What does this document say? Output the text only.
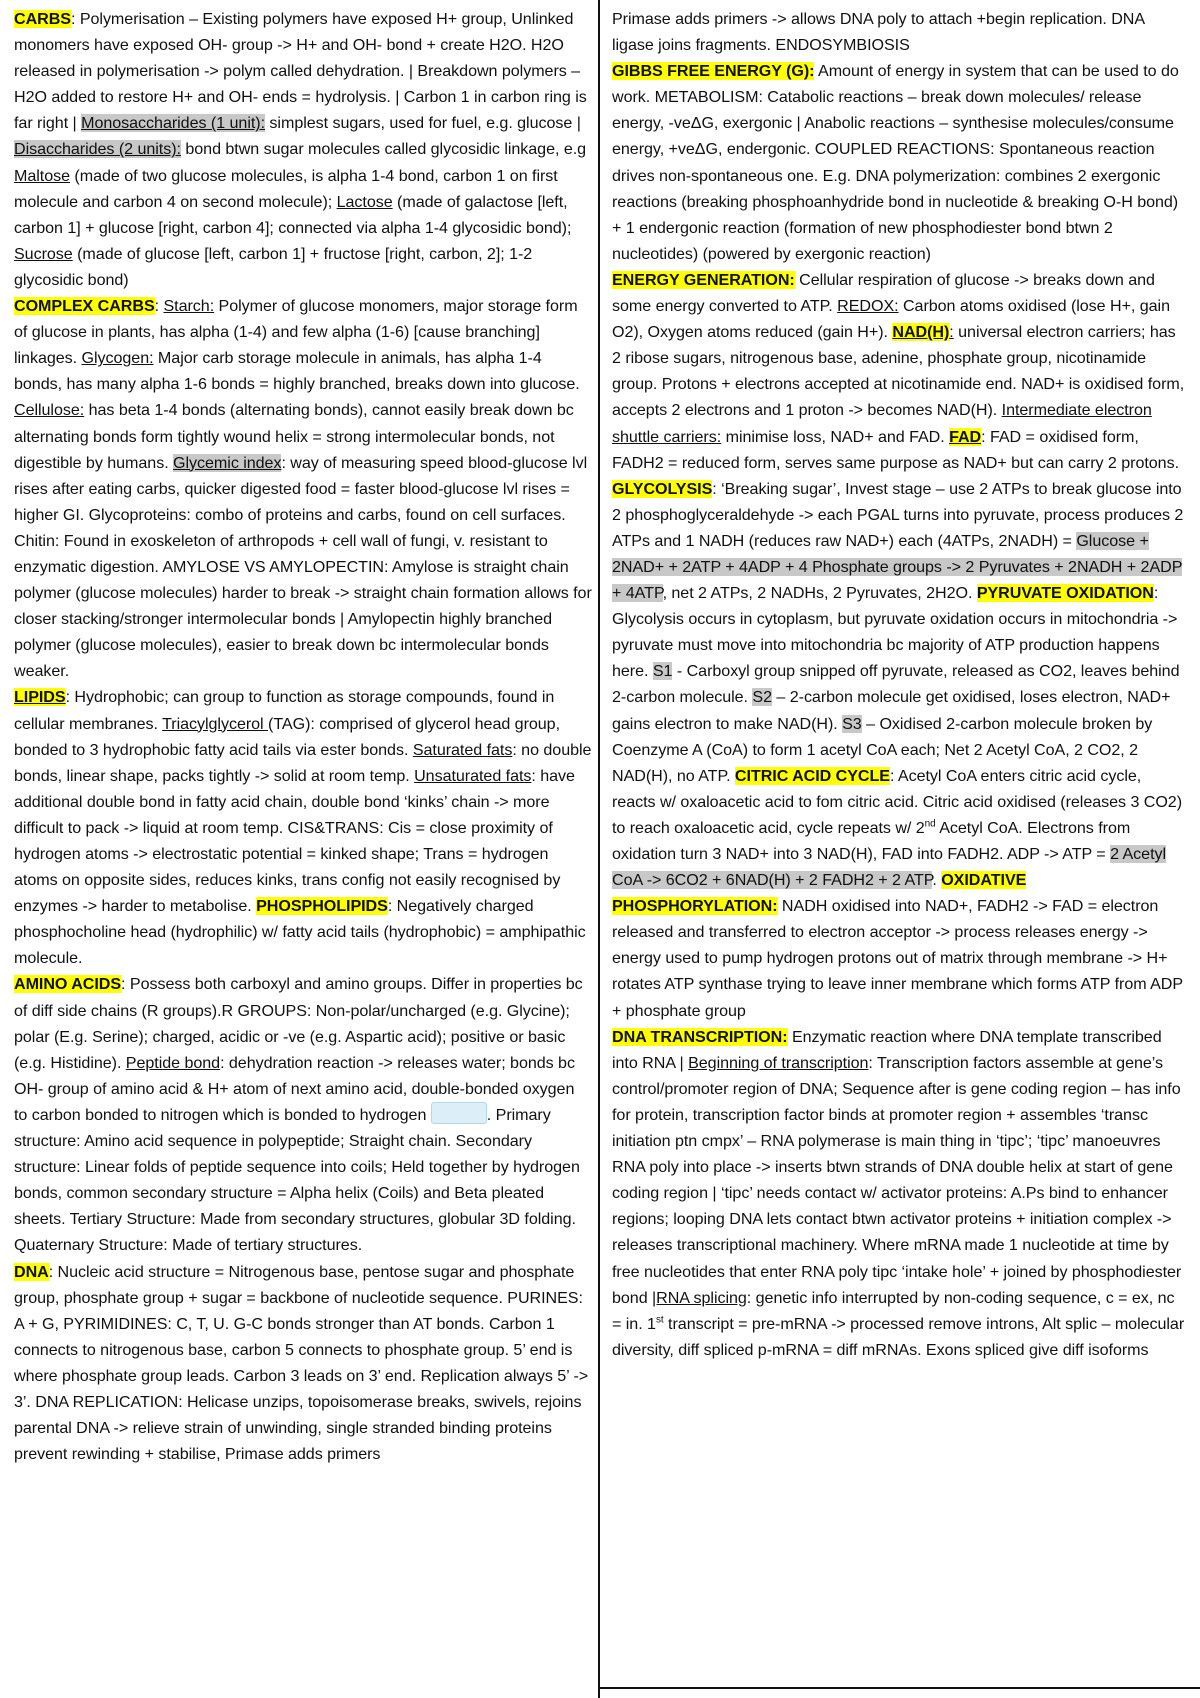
CARBS: Polymerisation – Existing polymers have exposed H+ group, Unlinked monomers have exposed OH- group -> H+ and OH- bond + create H2O. H2O released in polymerisation -> polym called dehydration. | Breakdown polymers – H2O added to restore H+ and OH- ends = hydrolysis. | Carbon 1 in carbon ring is far right | Monosaccharides (1 unit): simplest sugars, used for fuel, e.g. glucose | Disaccharides (2 units): bond btwn sugar molecules called glycosidic linkage, e.g Maltose (made of two glucose molecules, is alpha 1-4 bond, carbon 1 on first molecule and carbon 4 on second molecule); Lactose (made of galactose [left, carbon 1] + glucose [right, carbon 4]; connected via alpha 1-4 glycosidic bond); Sucrose (made of glucose [left, carbon 1] + fructose [right, carbon, 2]; 1-2 glycosidic bond)
COMPLEX CARBS: Starch: Polymer of glucose monomers, major storage form of glucose in plants, has alpha (1-4) and few alpha (1-6) [cause branching] linkages. Glycogen: Major carb storage molecule in animals, has alpha 1-4 bonds, has many alpha 1-6 bonds = highly branched, breaks down into glucose. Cellulose: has beta 1-4 bonds (alternating bonds), cannot easily break down bc alternating bonds form tightly wound helix = strong intermolecular bonds, not digestible by humans. Glycemic index: way of measuring speed blood-glucose lvl rises after eating carbs, quicker digested food = faster blood-glucose lvl rises = higher GI. Glycoproteins: combo of proteins and carbs, found on cell surfaces. Chitin: Found in exoskeleton of arthropods + cell wall of fungi, v. resistant to enzymatic digestion. AMYLOSE VS AMYLOPECTIN: Amylose is straight chain polymer (glucose molecules) harder to break -> straight chain formation allows for closer stacking/stronger intermolecular bonds | Amylopectin highly branched polymer (glucose molecules), easier to break down bc intermolecular bonds weaker.
LIPIDS: Hydrophobic; can group to function as storage compounds, found in cellular membranes. Triacylglycerol (TAG): comprised of glycerol head group, bonded to 3 hydrophobic fatty acid tails via ester bonds. Saturated fats: no double bonds, linear shape, packs tightly -> solid at room temp. Unsaturated fats: have additional double bond in fatty acid chain, double bond ‘kinks’ chain -> more difficult to pack -> liquid at room temp. CIS&TRANS: Cis = close proximity of hydrogen atoms -> electrostatic potential = kinked shape; Trans = hydrogen atoms on opposite sides, reduces kinks, trans config not easily recognised by enzymes -> harder to metabolise. PHOSPHOLIPIDS: Negatively charged phosphocholine head (hydrophilic) w/ fatty acid tails (hydrophobic) = amphipathic molecule.
AMINO ACIDS: Possess both carboxyl and amino groups. Differ in properties bc of diff side chains (R groups).R GROUPS: Non-polar/uncharged (e.g. Glycine); polar (E.g. Serine); charged, acidic or -ve (e.g. Aspartic acid); positive or basic (e.g. Histidine). Peptide bond: dehydration reaction -> releases water; bonds bc OH- group of amino acid & H+ atom of next amino acid, double-bonded oxygen to carbon bonded to nitrogen which is bonded to hydrogen	. Primary structure: Amino acid sequence in polypeptide; Straight chain. Secondary structure: Linear folds of peptide sequence into coils; Held together by hydrogen bonds, common secondary structure = Alpha helix (Coils) and Beta pleated sheets. Tertiary Structure: Made from secondary structures, globular 3D folding. Quaternary Structure: Made of tertiary structures.
DNA: Nucleic acid structure = Nitrogenous base, pentose sugar and phosphate group, phosphate group + sugar = backbone of nucleotide sequence. PURINES: A + G, PYRIMIDINES: C, T, U. G-C bonds stronger than AT bonds. Carbon 1 connects to nitrogenous base, carbon 5 connects to phosphate group. 5’ end is where phosphate group leads. Carbon 3 leads on 3’ end. Replication always 5’ -> 3’. DNA REPLICATION: Helicase unzips, topoisomerase breaks, swivels, rejoins parental DNA -> relieve strain of unwinding, single stranded binding proteins prevent rewinding + stabilise, Primase adds primers
Primase adds primers -> allows DNA poly to attach +begin replication. DNA ligase joins fragments. ENDOSYMBIOSIS
GIBBS FREE ENERGY (G): Amount of energy in system that can be used to do work. METABOLISM: Catabolic reactions – break down molecules/ release energy, -veΔG, exergonic | Anabolic reactions – synthesise molecules/consume energy, +veΔG, endergonic. COUPLED REACTIONS: Spontaneous reaction drives non-spontaneous one. E.g. DNA polymerization: combines 2 exergonic reactions (breaking phosphoanhydride bond in nucleotide & breaking O-H bond) + 1 endergonic reaction (formation of new phosphodiester bond btwn 2 nucleotides) (powered by exergonic reaction)
ENERGY GENERATION: Cellular respiration of glucose -> breaks down and some energy converted to ATP. REDOX: Carbon atoms oxidised (lose H+, gain O2), Oxygen atoms reduced (gain H+). NAD(H): universal electron carriers; has 2 ribose sugars, nitrogenous base, adenine, phosphate group, nicotinamide group. Protons + electrons accepted at nicotinamide end. NAD+ is oxidised form, accepts 2 electrons and 1 proton -> becomes NAD(H). Intermediate electron shuttle carriers: minimise loss, NAD+ and FAD. FAD: FAD = oxidised form, FADH2 = reduced form, serves same purpose as NAD+ but can carry 2 protons. GLYCOLYSIS: ‘Breaking sugar’, Invest stage – use 2 ATPs to break glucose into 2 phosphoglyceraldehyde -> each PGAL turns into pyruvate, process produces 2 ATPs and 1 NADH (reduces raw NAD+) each (4ATPs, 2NADH) = Glucose + 2NAD+ + 2ATP + 4ADP + 4 Phosphate groups -> 2 Pyruvates + 2NADH + 2ADP + 4ATP, net 2 ATPs, 2 NADHs, 2 Pyruvates, 2H2O. PYRUVATE OXIDATION: Glycolysis occurs in cytoplasm, but pyruvate oxidation occurs in mitochondria -> pyruvate must move into mitochondria bc majority of ATP production happens here. S1 - Carboxyl group snipped off pyruvate, released as CO2, leaves behind 2-carbon molecule. S2 – 2-carbon molecule get oxidised, loses electron, NAD+ gains electron to make NAD(H). S3 – Oxidised 2-carbon molecule broken by Coenzyme A (CoA) to form 1 acetyl CoA each; Net 2 Acetyl CoA, 2 CO2, 2 NAD(H), no ATP. CITRIC ACID CYCLE: Acetyl CoA enters citric acid cycle, reacts w/ oxaloacetic acid to fom citric acid. Citric acid oxidised (releases 3 CO2) to reach oxaloacetic acid, cycle repeats w/ 2nd Acetyl CoA. Electrons from oxidation turn 3 NAD+ into 3 NAD(H), FAD into FADH2. ADP -> ATP = 2 Acetyl CoA -> 6CO2 + 6NAD(H) + 2 FADH2 + 2 ATP. OXIDATIVE PHOSPHORYLATION: NADH oxidised into NAD+, FADH2 -> FAD = electron released and transferred to electron acceptor -> process releases energy -> energy used to pump hydrogen protons out of matrix through membrane -> H+ rotates ATP synthase trying to leave inner membrane which forms ATP from ADP + phosphate group
DNA TRANSCRIPTION: Enzymatic reaction where DNA template transcribed into RNA | Beginning of transcription: Transcription factors assemble at gene’s control/promoter region of DNA; Sequence after is gene coding region – has info for protein, transcription factor binds at promoter region + assembles ‘transc initiation ptn cmpx’ – RNA polymerase is main thing in ‘tipc’; ‘tipc’ manoeuvres RNA poly into place -> inserts btwn strands of DNA double helix at start of gene coding region | ‘tipc’ needs contact w/ activator proteins: A.Ps bind to enhancer regions; looping DNA lets contact btwn activator proteins + initiation complex -> releases transcriptional machinery. Where mRNA made 1 nucleotide at time by free nucleotides that enter RNA poly tipc ‘intake hole’ + joined by phosphodiester bond |RNA splicing: genetic info interrupted by non-coding sequence, c = ex, nc = in. 1st transcript = pre-mRNA -> processed remove introns, Alt splic – molecular diversity, diff spliced p-mRNA = diff mRNAs. Exons spliced give diff isoforms
